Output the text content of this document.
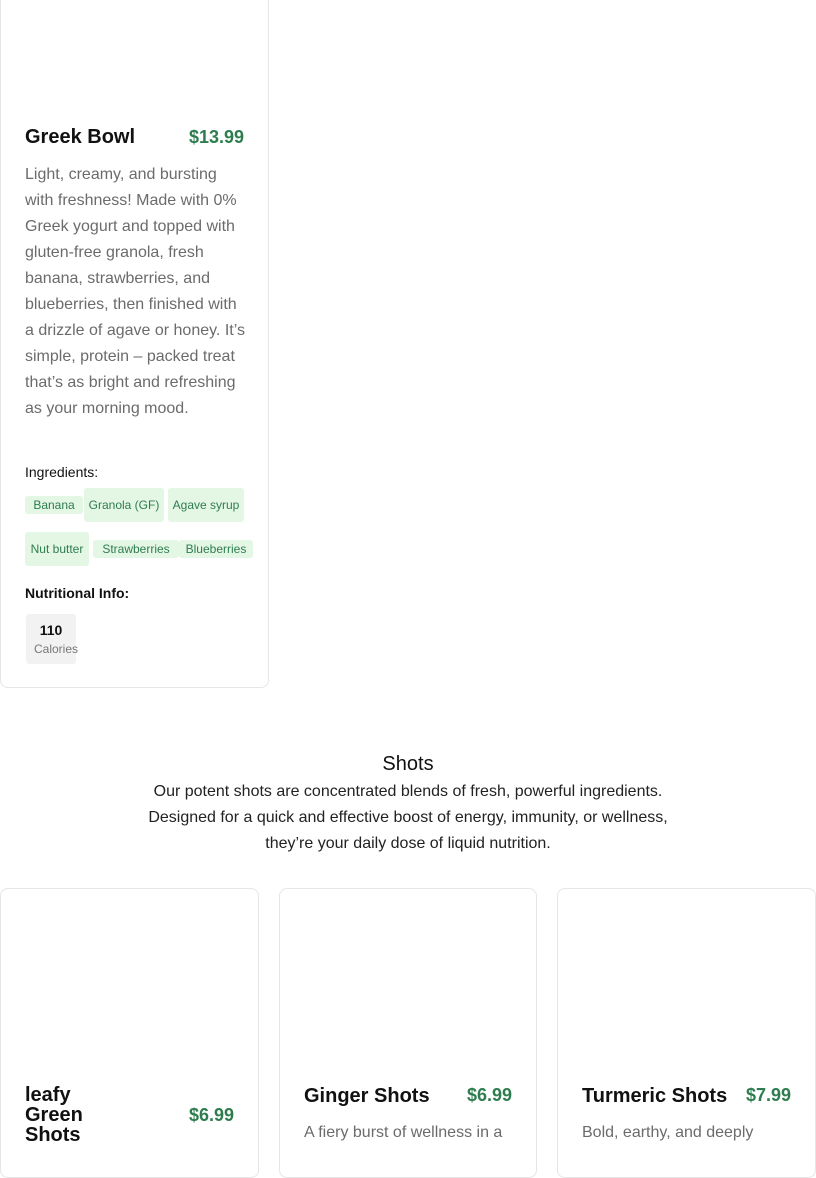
Greek Bowl	$13.99
Light, creamy, and bursting with freshness! Made with 0% Greek yogurt and topped with gluten-free granola, fresh banana, strawberries, and blueberries, then finished with a drizzle of agave or honey. It’s simple, protein – packed treat that’s as bright and refreshing as your morning mood.
Ingredients:
Banana	Granola (GF)	Agave syrup
Nut butter	Strawberries	Blueberries
Nutritional Info:
110
Calories
Shots
Our potent shots are concentrated blends of fresh, powerful ingredients. Designed for a quick and effective boost of energy, immunity, or wellness, they’re your daily dose of liquid nutrition.
leafy Green Shots
$6.99
Ginger Shots $6.99
A fiery burst of wellness in a
Turmeric Shots $7.99
Bold, earthy, and deeply
